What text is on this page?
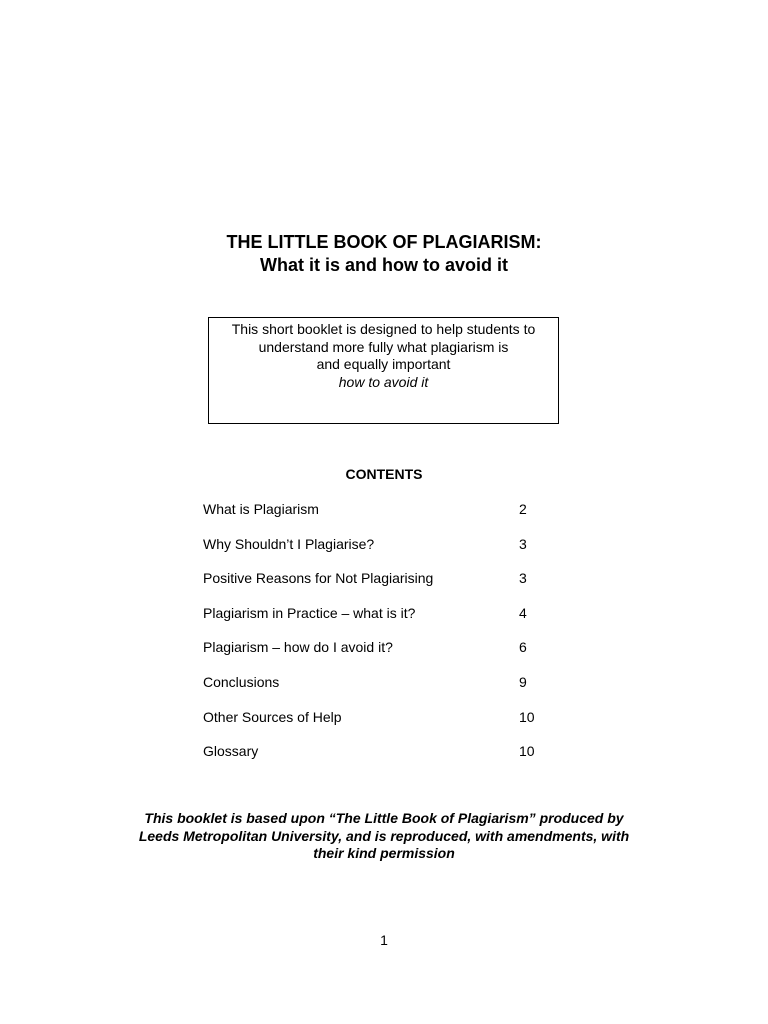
THE LITTLE BOOK OF PLAGIARISM:
What it is and how to avoid it
This short booklet is designed to help students to
understand more fully what plagiarism is
and equally important
how to avoid it
CONTENTS
What is Plagiarism	2
Why Shouldn’t I Plagiarise?	3
Positive Reasons for Not Plagiarising	3
Plagiarism in Practice – what is it?	4
Plagiarism – how do I avoid it?	6
Conclusions	9
Other Sources of Help	10
Glossary	10
This booklet is based upon “The Little Book of Plagiarism” produced by
Leeds Metropolitan University, and is reproduced, with amendments, with
their kind permission
1
